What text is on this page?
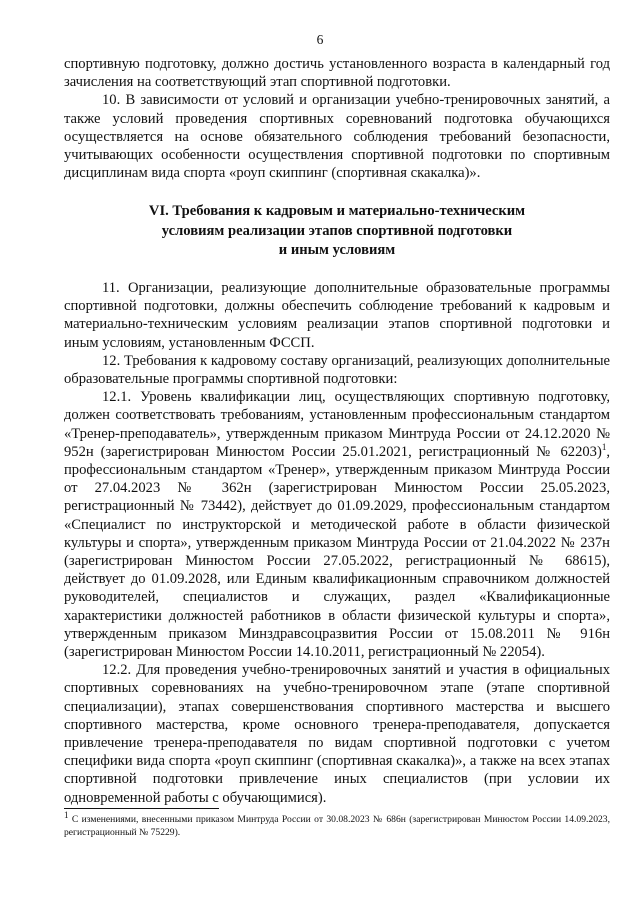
6

спортивную подготовку, должно достичь установленного возраста в календарный год зачисления на соответствующий этап спортивной подготовки.

10. В зависимости от условий и организации учебно-тренировочных занятий, а также условий проведения спортивных соревнований подготовка обучающихся осуществляется на основе обязательного соблюдения требований безопасности, учитывающих особенности осуществления спортивной подготовки по спортивным дисциплинам вида спорта «роуп скиппинг (спортивная скакалка)».

VI. Требования к кадровым и материально-техническим
условиям реализации этапов спортивной подготовки
и иным условиям

11. Организации, реализующие дополнительные образовательные программы спортивной подготовки, должны обеспечить соблюдение требований к кадровым и материально-техническим условиям реализации этапов спортивной подготовки и иным условиям, установленным ФССП.

12. Требования к кадровому составу организаций, реализующих дополнительные образовательные программы спортивной подготовки:

12.1. Уровень квалификации лиц, осуществляющих спортивную подготовку, должен соответствовать требованиям, установленным профессиональным стандартом «Тренер-преподаватель», утвержденным приказом Минтруда России от 24.12.2020 № 952н (зарегистрирован Минюстом России 25.01.2021, регистрационный № 62203)$^1$, профессиональным стандартом «Тренер», утвержденным приказом Минтруда России от 27.04.2023 № 362н (зарегистрирован Минюстом России 25.05.2023, регистрационный № 73442), действует до 01.09.2029, профессиональным стандартом «Специалист по инструкторской и методической работе в области физической культуры и спорта», утвержденным приказом Минтруда России от 21.04.2022 № 237н (зарегистрирован Минюстом России 27.05.2022, регистрационный № 68615), действует до 01.09.2028, или Единым квалификационным справочником должностей руководителей, специалистов и служащих, раздел «Квалификационные характеристики должностей работников в области физической культуры и спорта», утвержденным приказом Минздравсоцразвития России от 15.08.2011 № 916н (зарегистрирован Минюстом России 14.10.2011, регистрационный № 22054).

12.2. Для проведения учебно-тренировочных занятий и участия в официальных спортивных соревнованиях на учебно-тренировочном этапе (этапе спортивной специализации), этапах совершенствования спортивного мастерства и высшего спортивного мастерства, кроме основного тренера-преподавателя, допускается привлечение тренера-преподавателя по видам спортивной подготовки с учетом специфики вида спорта «роуп скиппинг (спортивная скакалка)», а также на всех этапах спортивной подготовки привлечение иных специалистов (при условии их одновременной работы с обучающимися).

$^1$ С изменениями, внесенными приказом Минтруда России от 30.08.2023 № 686н (зарегистрирован Минюстом России 14.09.2023, регистрационный № 75229).
